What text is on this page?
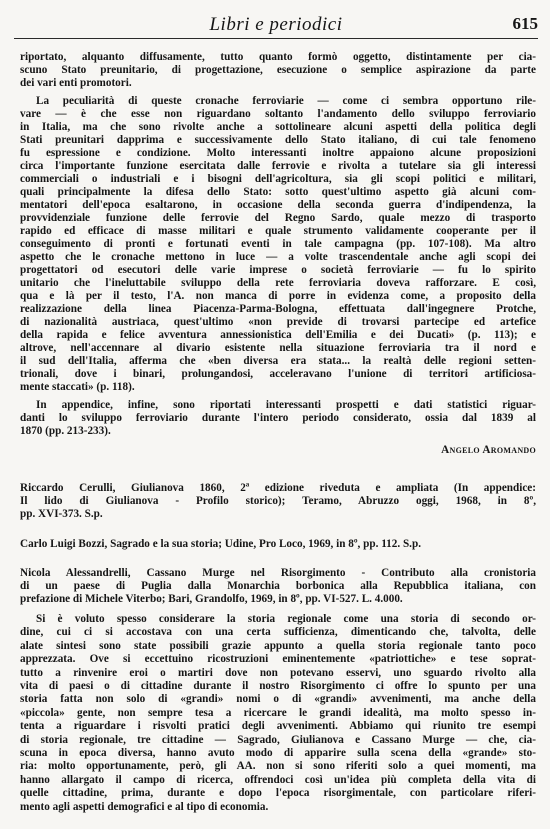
Libri e periodici	615
riportato, alquanto diffusamente, tutto quanto formò oggetto, distintamente per cia-
scuno Stato preunitario, di progettazione, esecuzione o semplice aspirazione da parte
dei vari enti promotori.
La peculiarità di queste cronache ferroviarie — come ci sembra opportuno rile-
vare — è che esse non riguardano soltanto l'andamento dello sviluppo ferroviario
in Italia, ma che sono rivolte anche a sottolineare alcuni aspetti della politica degli
Stati preunitari dapprima e successivamente dello Stato italiano, di cui tale fenomeno
fu espressione e condizione. Molto interessanti inoltre appaiono alcune proposizioni
circa l'importante funzione esercitata dalle ferrovie e rivolta a tutelare sia gli interessi
commerciali o industriali e i bisogni dell'agricoltura, sia gli scopi politici e militari,
quali principalmente la difesa dello Stato: sotto quest'ultimo aspetto già alcuni com-
mentatori dell'epoca esaltarono, in occasione della seconda guerra d'indipendenza, la
provvidenziale funzione delle ferrovie del Regno Sardo, quale mezzo di trasporto
rapido ed efficace di masse militari e quale strumento validamente cooperante per il
conseguimento di pronti e fortunati eventi in tale campagna (pp. 107-108). Ma altro
aspetto che le cronache mettono in luce — a volte trascendentale anche agli scopi dei
progettatori od esecutori delle varie imprese o società ferroviarie — fu lo spirito
unitario che l'ineluttabile sviluppo della rete ferroviaria doveva rafforzare. E così,
qua e là per il testo, l'A. non manca di porre in evidenza come, a proposito della
realizzazione della linea Piacenza-Parma-Bologna, effettuata dall'ingegnere Protche,
di nazionalità austriaca, quest'ultimo «non previde di trovarsi partecipe ed artefice
della rapida e felice avventura annessionistica dell'Emilia e dei Ducati» (p. 113); e
altrove, nell'accennare al divario esistente nella situazione ferroviaria tra il nord e
il sud dell'Italia, afferma che «ben diversa era stata... la realtà delle regioni setten-
trionali, dove i binari, prolungandosi, acceleravano l'unione di territori artificiosa-
mente staccati» (p. 118).
In appendice, infine, sono riportati interessanti prospetti e dati statistici riguar-
danti lo sviluppo ferroviario durante l'intero periodo considerato, ossia dal 1839 al
1870 (pp. 213-233).
Angelo Aromando
Riccardo Cerulli, Giulianova 1860, 2ª edizione riveduta e ampliata (In appendice:
Il lido di Giulianova - Profilo storico); Teramo, Abruzzo oggi, 1968, in 8º,
pp. XVI-373. S.p.
Carlo Luigi Bozzi, Sagrado e la sua storia; Udine, Pro Loco, 1969, in 8º, pp. 112. S.p.
Nicola Alessandrelli, Cassano Murge nel Risorgimento - Contributo alla cronistoria
di un paese di Puglia dalla Monarchia borbonica alla Repubblica italiana, con
prefazione di Michele Viterbo; Bari, Grandolfo, 1969, in 8º, pp. VI-527. L. 4.000.
Si è voluto spesso considerare la storia regionale come una storia di secondo or-
dine, cui ci si accostava con una certa sufficienza, dimenticando che, talvolta, delle
alate sintesi sono state possibili grazie appunto a quella storia regionale tanto poco
apprezzata. Ove si eccettuino ricostruzioni eminentemente «patriottiche» e tese soprat-
tutto a rinvenire eroi o martiri dove non potevano esservi, uno sguardo rivolto alla
vita di paesi o di cittadine durante il nostro Risorgimento ci offre lo spunto per una
storia fatta non solo di «grandi» nomi o di «grandi» avvenimenti, ma anche della
«piccola» gente, non sempre tesa a ricercare le grandi idealità, ma molto spesso in-
tenta a riguardare i risvolti pratici degli avvenimenti. Abbiamo qui riunito tre esempi
di storia regionale, tre cittadine — Sagrado, Giulianova e Cassano Murge — che, cia-
scuna in epoca diversa, hanno avuto modo di apparire sulla scena della «grande» sto-
ria: molto opportunamente, però, gli AA. non si sono riferiti solo a quei momenti, ma
hanno allargato il campo di ricerca, offrendoci così un'idea più completa della vita di
quelle cittadine, prima, durante e dopo l'epoca risorgimentale, con particolare riferi-
mento agli aspetti demografici e al tipo di economia.
